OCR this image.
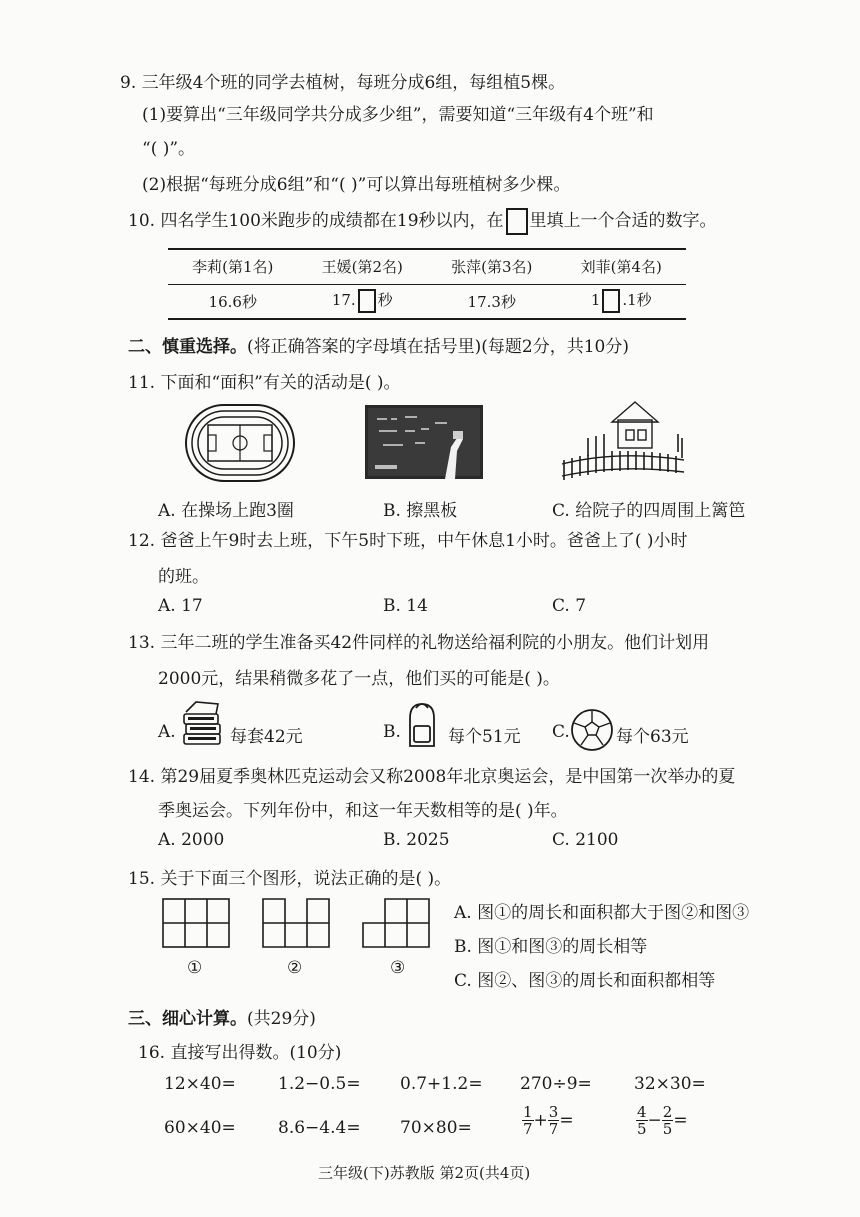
9. 三年级4个班的同学去植树，每班分成6组，每组植5棵。
(1)要算出“三年级同学共分成多少组”，需要知道“三年级有4个班”和
“( )”。
(2)根据“每班分成6组”和“( )”可以算出每班植树多少棵。
10. 四名学生100米跑步的成绩都在19秒以内，在 里填上一个合适的数字。
李莉(第1名)	王媛(第2名)	张萍(第3名)	刘菲(第4名)
16.6秒	17. 秒	17.3秒	1 .1秒
二、慎重选择。(将正确答案的字母填在括号里)(每题2分，共10分)
11. 下面和“面积”有关的活动是( )。
A. 在操场上跑3圈	B. 擦黑板	C. 给院子的四周围上篱笆
12. 爸爸上午9时去上班，下午5时下班，中午休息1小时。爸爸上了( )小时
的班。
A. 17	B. 14	C. 7
13. 三年二班的学生准备买42件同样的礼物送给福利院的小朋友。他们计划用
2000元，结果稍微多花了一点，他们买的可能是( )。
A.	每套42元	B.	每个51元 C.	每个63元
14. 第29届夏季奥林匹克运动会又称2008年北京奥运会，是中国第一次举办的夏
季奥运会。下列年份中，和这一年天数相等的是( )年。
A. 2000	B. 2025	C. 2100
15. 关于下面三个图形，说法正确的是( )。
①	②	③
A. 图①的周长和面积都大于图②和图③
B. 图①和图③的周长相等
C. 图②、图③的周长和面积都相等
三、细心计算。(共29分)
16. 直接写出得数。(10分)
12×40= 1.2−0.5= 0.7+1.2= 270÷9= 32×30=
60×40= 8.6−4.4= 70×80=	$\frac{1}{7} + \frac{3}{7}$ =	$\frac{4}{5} - \frac{2}{5}$ =
三年级(下)苏教版 第2页(共4页)
